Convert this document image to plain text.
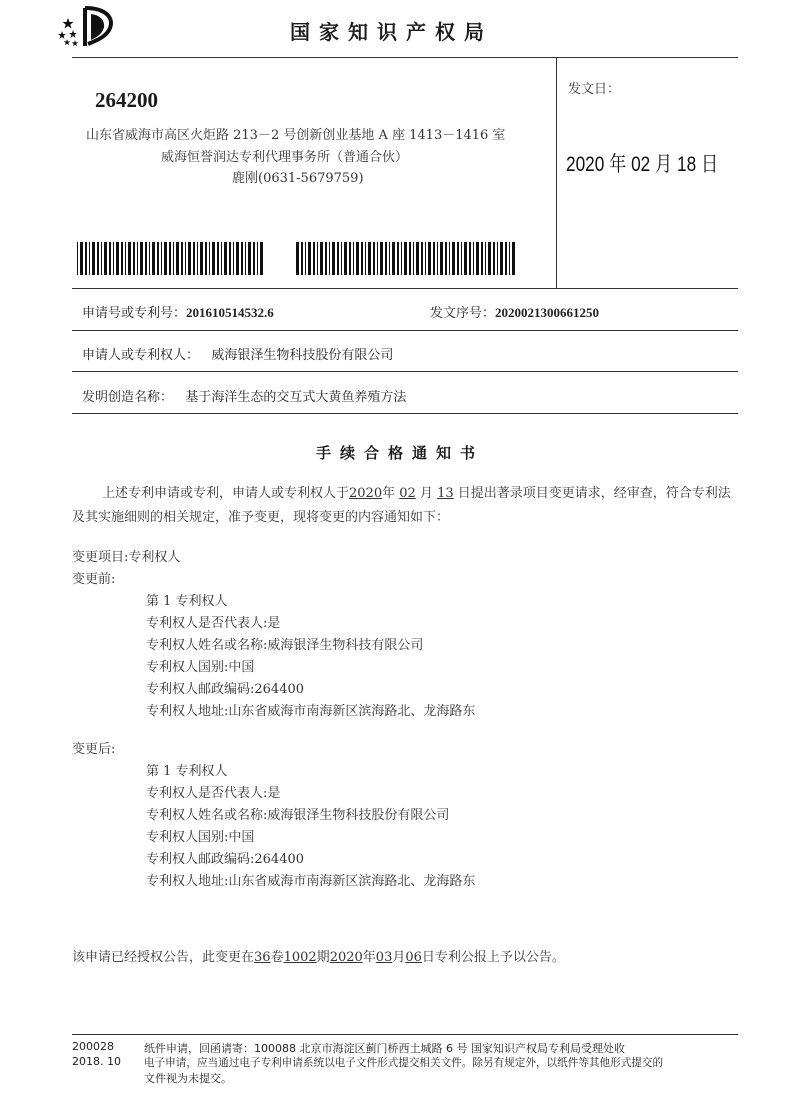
国家知识产权局
264200
山东省威海市高区火炬路 213－2 号创新创业基地 A 座 1413－1416 室
威海恒誉润达专利代理事务所（普通合伙）
鹿刚(0631-5679759)
发文日：
2020 年 02 月 18 日
申请号或专利号：201610514532.6	发文序号：2020021300661250
申请人或专利权人： 威海银泽生物科技股份有限公司
发明创造名称： 基于海洋生态的交互式大黄鱼养殖方法
手续合格通知书
上述专利申请或专利，申请人或专利权人于2020年 02 月 13 日提出著录项目变更请求，经审查，符合专利法及其实施细则的相关规定，准予变更，现将变更的内容通知如下：
变更项目:专利权人
变更前:
第 1 专利权人
专利权人是否代表人:是
专利权人姓名或名称:威海银泽生物科技有限公司
专利权人国别:中国
专利权人邮政编码:264400
专利权人地址:山东省威海市南海新区滨海路北、龙海路东
变更后:
第 1 专利权人
专利权人是否代表人:是
专利权人姓名或名称:威海银泽生物科技股份有限公司
专利权人国别:中国
专利权人邮政编码:264400
专利权人地址:山东省威海市南海新区滨海路北、龙海路东
该申请已经授权公告，此变更在36卷1002期2020年03月06日专利公报上予以公告。
200028
2018. 10
纸件申请，回函请寄：100088 北京市海淀区蓟门桥西土城路 6 号 国家知识产权局专利局受理处收
电子申请，应当通过电子专利申请系统以电子文件形式提交相关文件。除另有规定外，以纸件等其他形式提交的
文件视为未提交。
